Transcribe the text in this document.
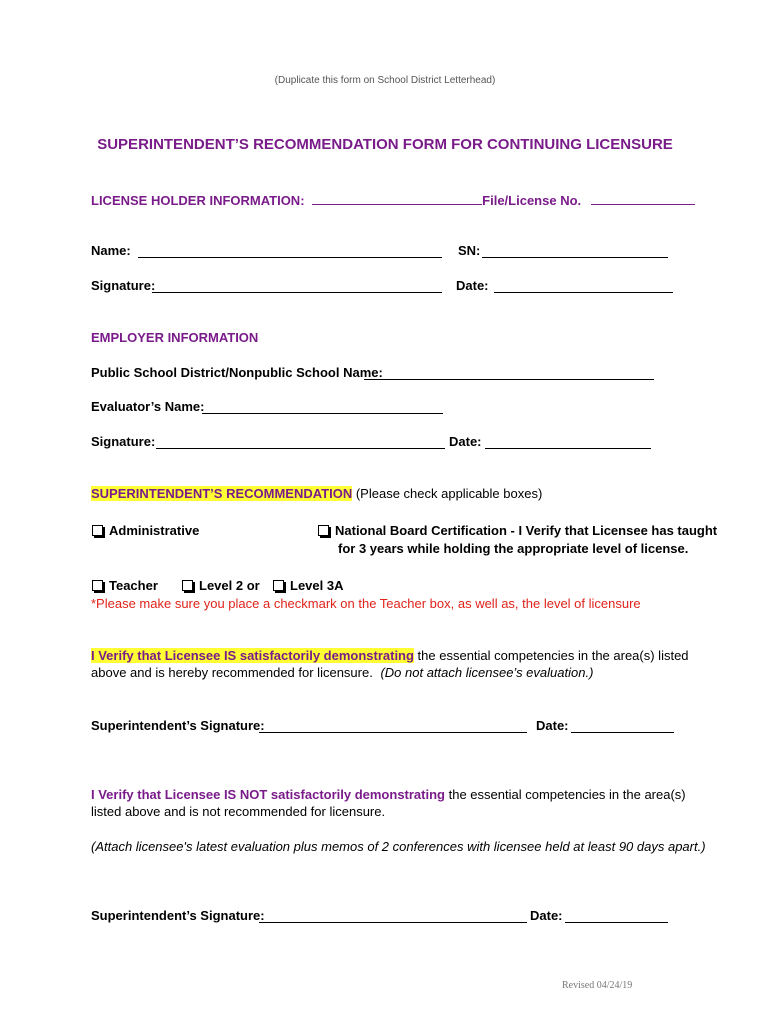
(Duplicate this form on School District Letterhead)
SUPERINTENDENT’S RECOMMENDATION FORM FOR CONTINUING LICENSURE
LICENSE HOLDER INFORMATION:	File/License No.
Name:	SN:
Signature:	Date:
EMPLOYER INFORMATION
Public School District/Nonpublic School Name:
Evaluator’s Name:
Signature:	Date:
SUPERINTENDENT’S RECOMMENDATION (Please check applicable boxes)
Administrative	National Board Certification - I Verify that Licensee has taught
for 3 years while holding the appropriate level of license.
Teacher	Level 2 or	Level 3A
*Please make sure you place a checkmark on the Teacher box, as well as, the level of licensure
I Verify that Licensee IS satisfactorily demonstrating the essential competencies in the area(s) listed
above and is hereby recommended for licensure. (Do not attach licensee’s evaluation.)
Superintendent’s Signature:	Date:
I Verify that Licensee IS NOT satisfactorily demonstrating the essential competencies in the area(s)
listed above and is not recommended for licensure.
(Attach licensee's latest evaluation plus memos of 2 conferences with licensee held at least 90 days apart.)
Superintendent’s Signature:	Date:
Revised 04/24/19
